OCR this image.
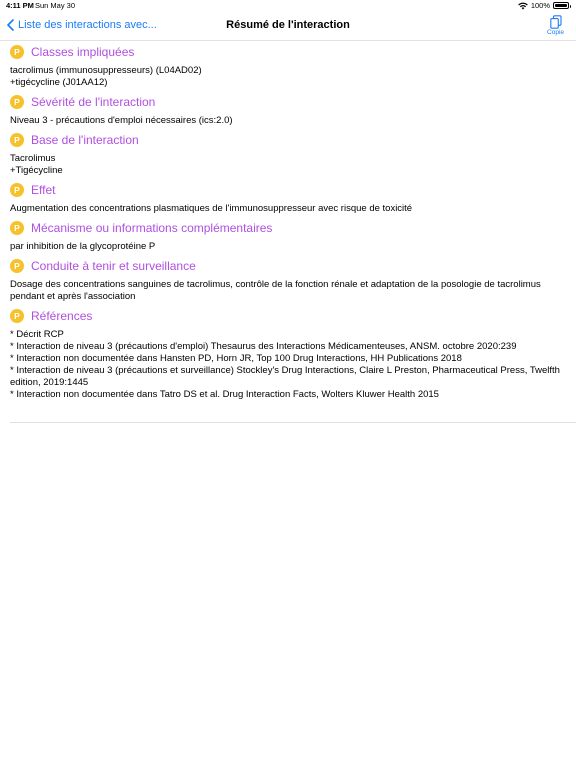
4:11 PM Sun May 30	100%
Liste des interactions avec...	Résumé de l'interaction
Copie
P Classes impliquées
tacrolimus (immunosuppresseurs) (L04AD02)
+tigécycline (J01AA12)
P Sévérité de l'interaction
Niveau 3 - précautions d'emploi nécessaires (ics:2.0)
P Base de l'interaction
Tacrolimus
+Tigécycline
P Effet
Augmentation des concentrations plasmatiques de l'immunosuppresseur avec risque de toxicité
P Mécanisme ou informations complémentaires
par inhibition de la glycoprotéine P
P Conduite à tenir et surveillance
Dosage des concentrations sanguines de tacrolimus, contrôle de la fonction rénale et adaptation de la posologie de tacrolimus pendant et après l'association
P Références
* Décrit RCP
* Interaction de niveau 3 (précautions d'emploi) Thesaurus des Interactions Médicamenteuses, ANSM. octobre 2020:239
* Interaction non documentée dans Hansten PD, Horn JR, Top 100 Drug Interactions, HH Publications 2018
* Interaction de niveau 3 (précautions et surveillance) Stockley's Drug Interactions, Claire L Preston, Pharmaceutical Press, Twelfth edition, 2019:1445
* Interaction non documentée dans Tatro DS et al. Drug Interaction Facts, Wolters Kluwer Health 2015
